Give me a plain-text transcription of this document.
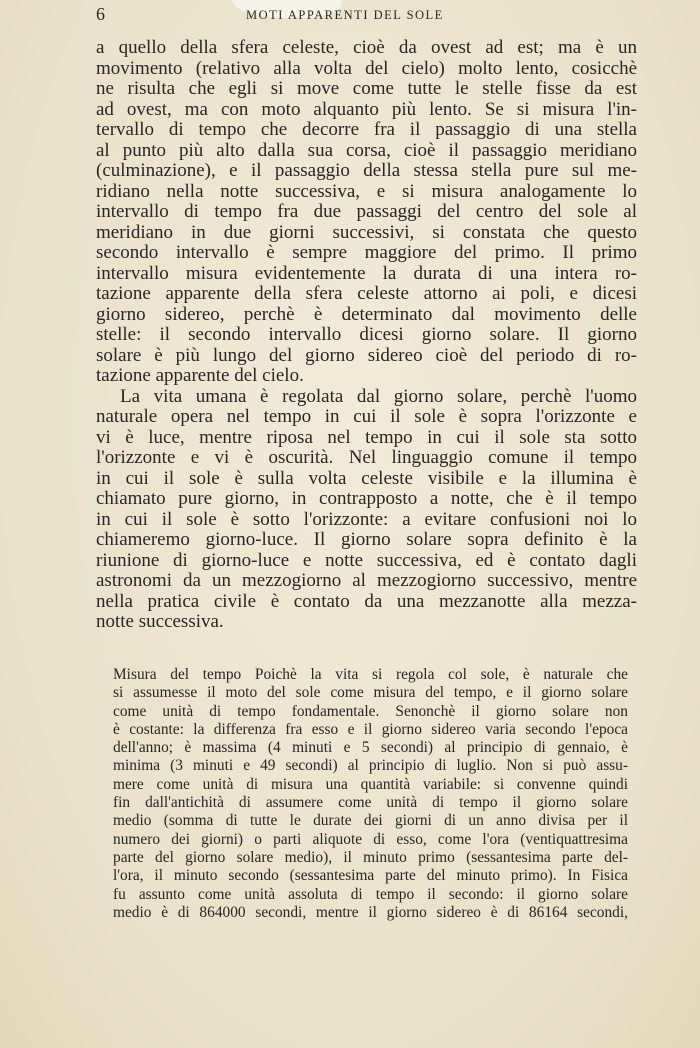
6	MOTI APPARENTI DEL SOLE
a quello della sfera celeste, cioè da ovest ad est; ma è un
movimento (relativo alla volta del cielo) molto lento, cosicchè
ne risulta che egli si move come tutte le stelle fisse da est
ad ovest, ma con moto alquanto più lento. Se si misura l'in-
tervallo di tempo che decorre fra il passaggio di una stella
al punto più alto dalla sua corsa, cioè il passaggio meridiano
(culminazione), e il passaggio della stessa stella pure sul me-
ridiano nella notte successiva, e si misura analogamente lo
intervallo di tempo fra due passaggi del centro del sole al
meridiano in due giorni successivi, si constata che questo
secondo intervallo è sempre maggiore del primo. Il primo
intervallo misura evidentemente la durata di una intera ro-
tazione apparente della sfera celeste attorno ai poli, e dicesi
giorno sidereo, perchè è determinato dal movimento delle
stelle: il secondo intervallo dicesi giorno solare. Il giorno
solare è più lungo del giorno sidereo cioè del periodo di ro-
tazione apparente del cielo.
La vita umana è regolata dal giorno solare, perchè l'uomo
naturale opera nel tempo in cui il sole è sopra l'orizzonte e
vi è luce, mentre riposa nel tempo in cui il sole sta sotto
l'orizzonte e vi è oscurità. Nel linguaggio comune il tempo
in cui il sole è sulla volta celeste visibile e la illumina è
chiamato pure giorno, in contrapposto a notte, che è il tempo
in cui il sole è sotto l'orizzonte: a evitare confusioni noi lo
chiameremo giorno-luce. Il giorno solare sopra definito è la
riunione di giorno-luce e notte successiva, ed è contato dagli
astronomi da un mezzogiorno al mezzogiorno successivo, mentre
nella pratica civile è contato da una mezzanotte alla mezza-
notte successiva.
Misura del tempo Poichè la vita si regola col sole, è naturale che
si assumesse il moto del sole come misura del tempo, e il giorno solare
come unità di tempo fondamentale. Senonchè il giorno solare non
è costante: la differenza fra esso e il giorno sidereo varia secondo l'epoca
dell'anno; è massima (4 minuti e 5 secondi) al principio di gennaio, è
minima (3 minuti e 49 secondi) al principio di luglio. Non si può assu-
mere come unità di misura una quantità variabile: si convenne quindi
fin dall'antichità di assumere come unità di tempo il giorno solare
medio (somma di tutte le durate dei giorni di un anno divisa per il
numero dei giorni) o parti aliquote di esso, come l'ora (ventiquattresima
parte del giorno solare medio), il minuto primo (sessantesima parte del-
l'ora, il minuto secondo (sessantesima parte del minuto primo). In Fisica
fu assunto come unità assoluta di tempo il secondo: il giorno solare
medio è di 864000 secondi, mentre il giorno sidereo è di 86164 secondi,
